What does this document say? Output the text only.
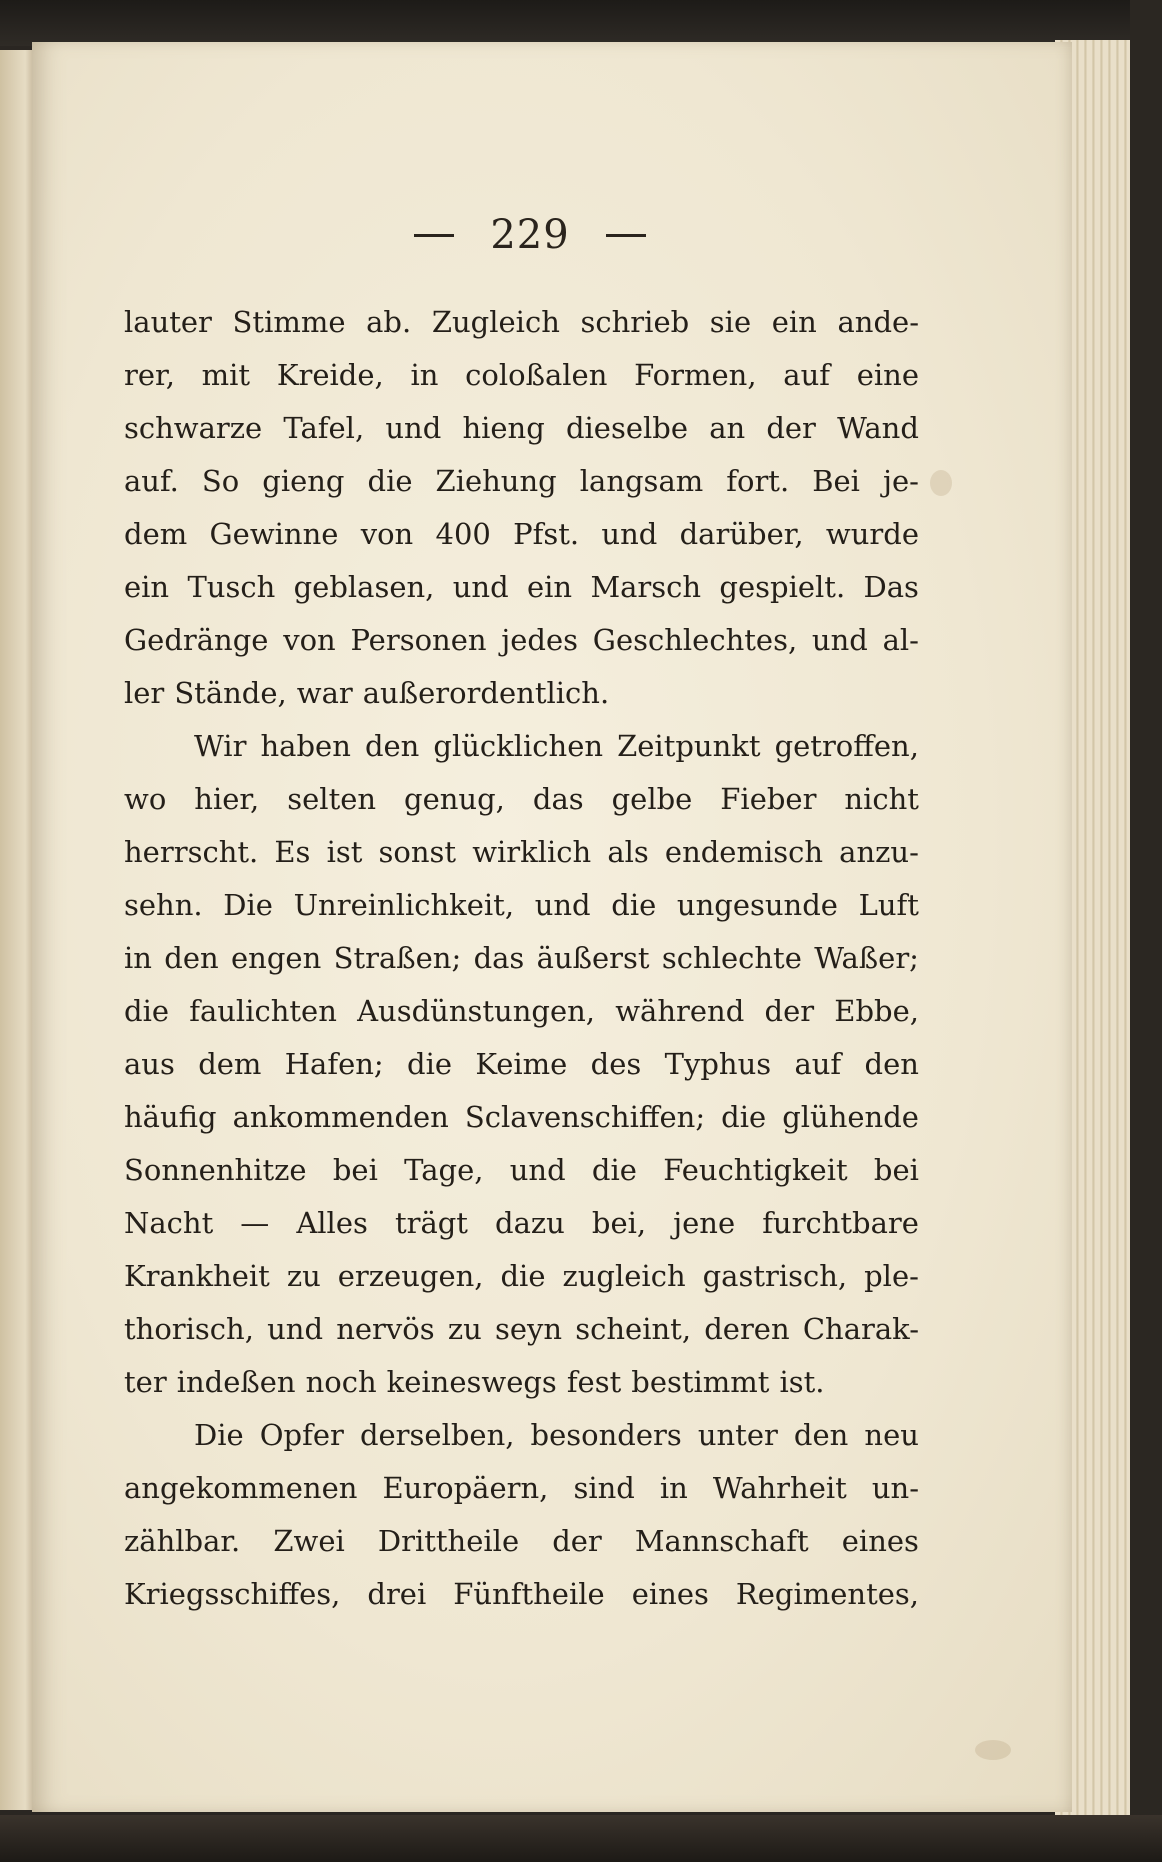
229
lauter Stimme ab. Zugleich schrieb sie ein ande-
rer, mit Kreide, in coloßalen Formen, auf eine
schwarze Tafel, und hieng dieselbe an der Wand
auf. So gieng die Ziehung langsam fort. Bei je-
dem Gewinne von 400 Pfst. und darüber, wurde
ein Tusch geblasen, und ein Marsch gespielt. Das
Gedränge von Personen jedes Geschlechtes, und al-
ler Stände, war außerordentlich.
Wir haben den glücklichen Zeitpunkt getroffen,
wo hier, selten genug, das gelbe Fieber nicht
herrscht. Es ist sonst wirklich als endemisch anzu-
sehn. Die Unreinlichkeit, und die ungesunde Luft
in den engen Straßen; das äußerst schlechte Waßer;
die faulichten Ausdünstungen, während der Ebbe,
aus dem Hafen; die Keime des Typhus auf den
häufig ankommenden Sclavenschiffen; die glühende
Sonnenhitze bei Tage, und die Feuchtigkeit bei
Nacht — Alles trägt dazu bei, jene furchtbare
Krankheit zu erzeugen, die zugleich gastrisch, ple-
thorisch, und nervös zu seyn scheint, deren Charak-
ter indeßen noch keineswegs fest bestimmt ist.
Die Opfer derselben, besonders unter den neu
angekommenen Europäern, sind in Wahrheit un-
zählbar. Zwei Drittheile der Mannschaft eines
Kriegsschiffes, drei Fünftheile eines Regimentes,
